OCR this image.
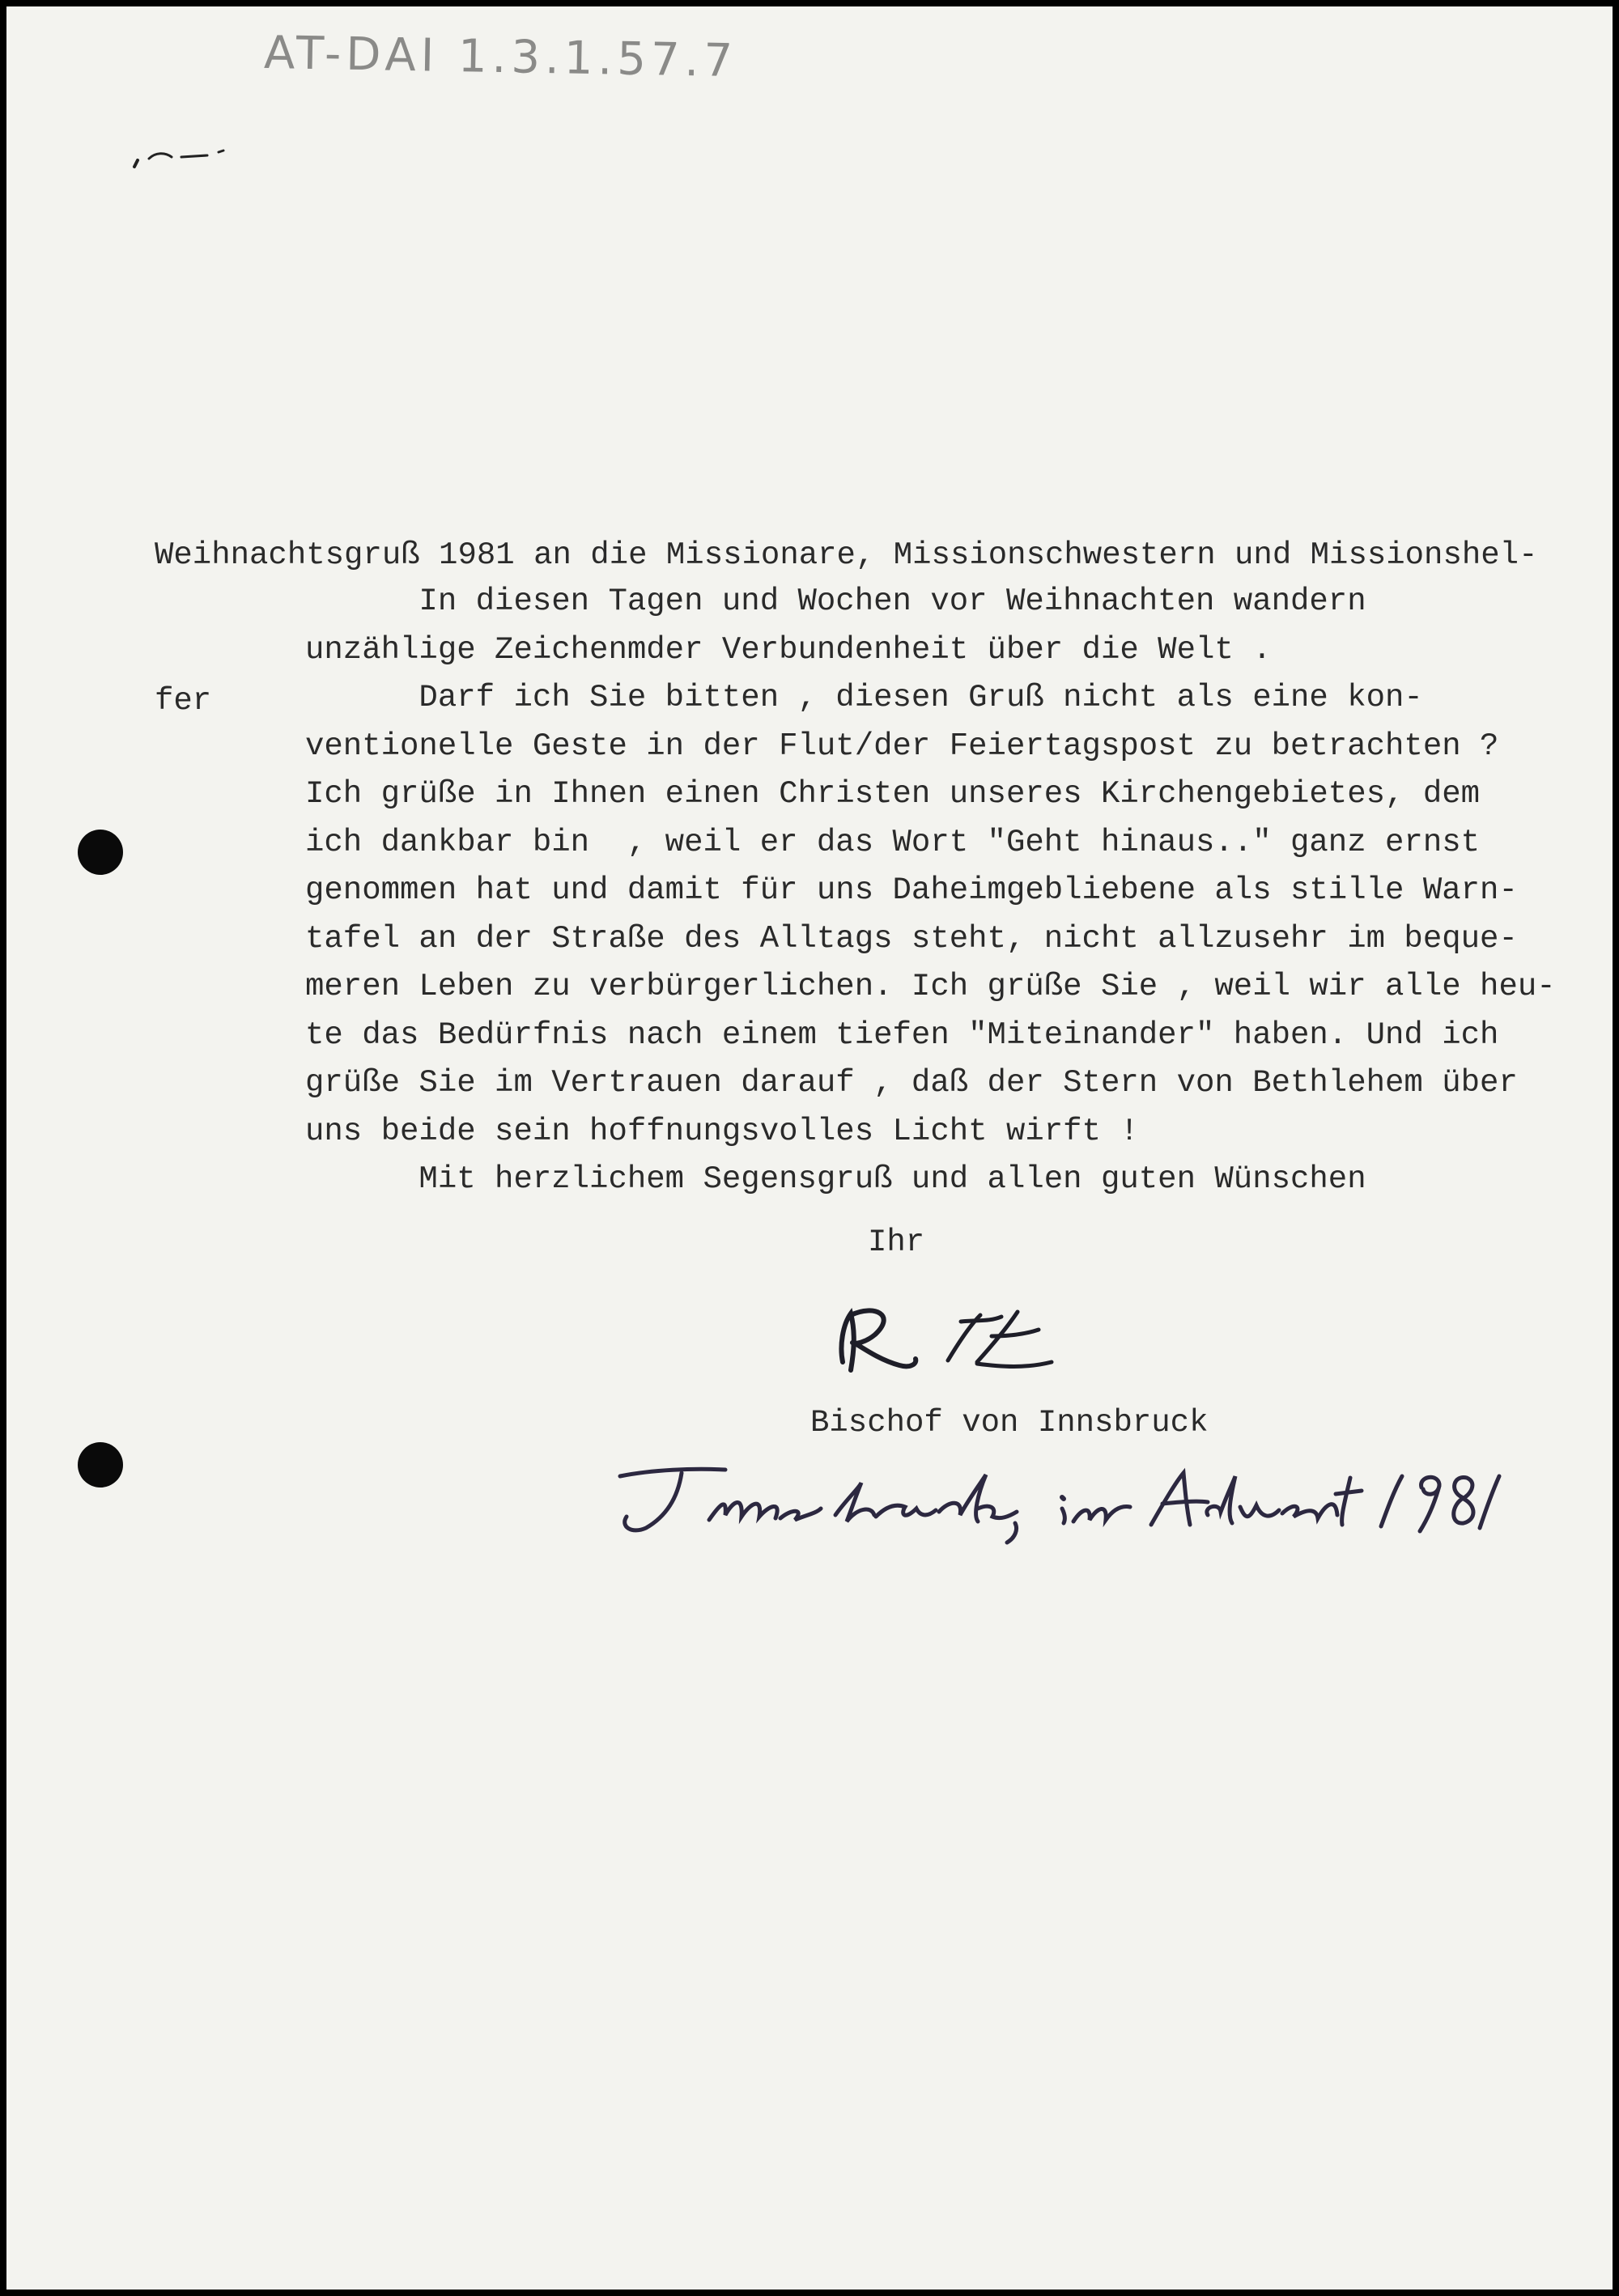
AT-DAI 1.3.1.57.7

Weihnachtsgruß 1981 an die Missionare, Missionschwestern und Missionshel-

fer

In diesen Tagen und Wochen vor Weihnachten wandern
unzählige Zeichenmder Verbundenheit über die Welt .
Darf ich Sie bitten , diesen Gruß nicht als eine kon-
ventionelle Geste in der Flut/der Feiertagspost zu betrachten ?
Ich grüße in Ihnen einen Christen unseres Kirchengebietes, dem
ich dankbar bin  , weil er das Wort "Geht hinaus.." ganz ernst
genommen hat und damit für uns Daheimgebliebene als stille Warn-
tafel an der Straße des Alltags steht, nicht allzusehr im beque-
meren Leben zu verbürgerlichen. Ich grüße Sie , weil wir alle heu-
te das Bedürfnis nach einem tiefen "Miteinander" haben. Und ich
grüße Sie im Vertrauen darauf , daß der Stern von Bethlehem über
uns beide sein hoffnungsvolles Licht wirft !
Mit herzlichem Segensgruß und allen guten Wünschen
Ihr
Bischof von Innsbruck
